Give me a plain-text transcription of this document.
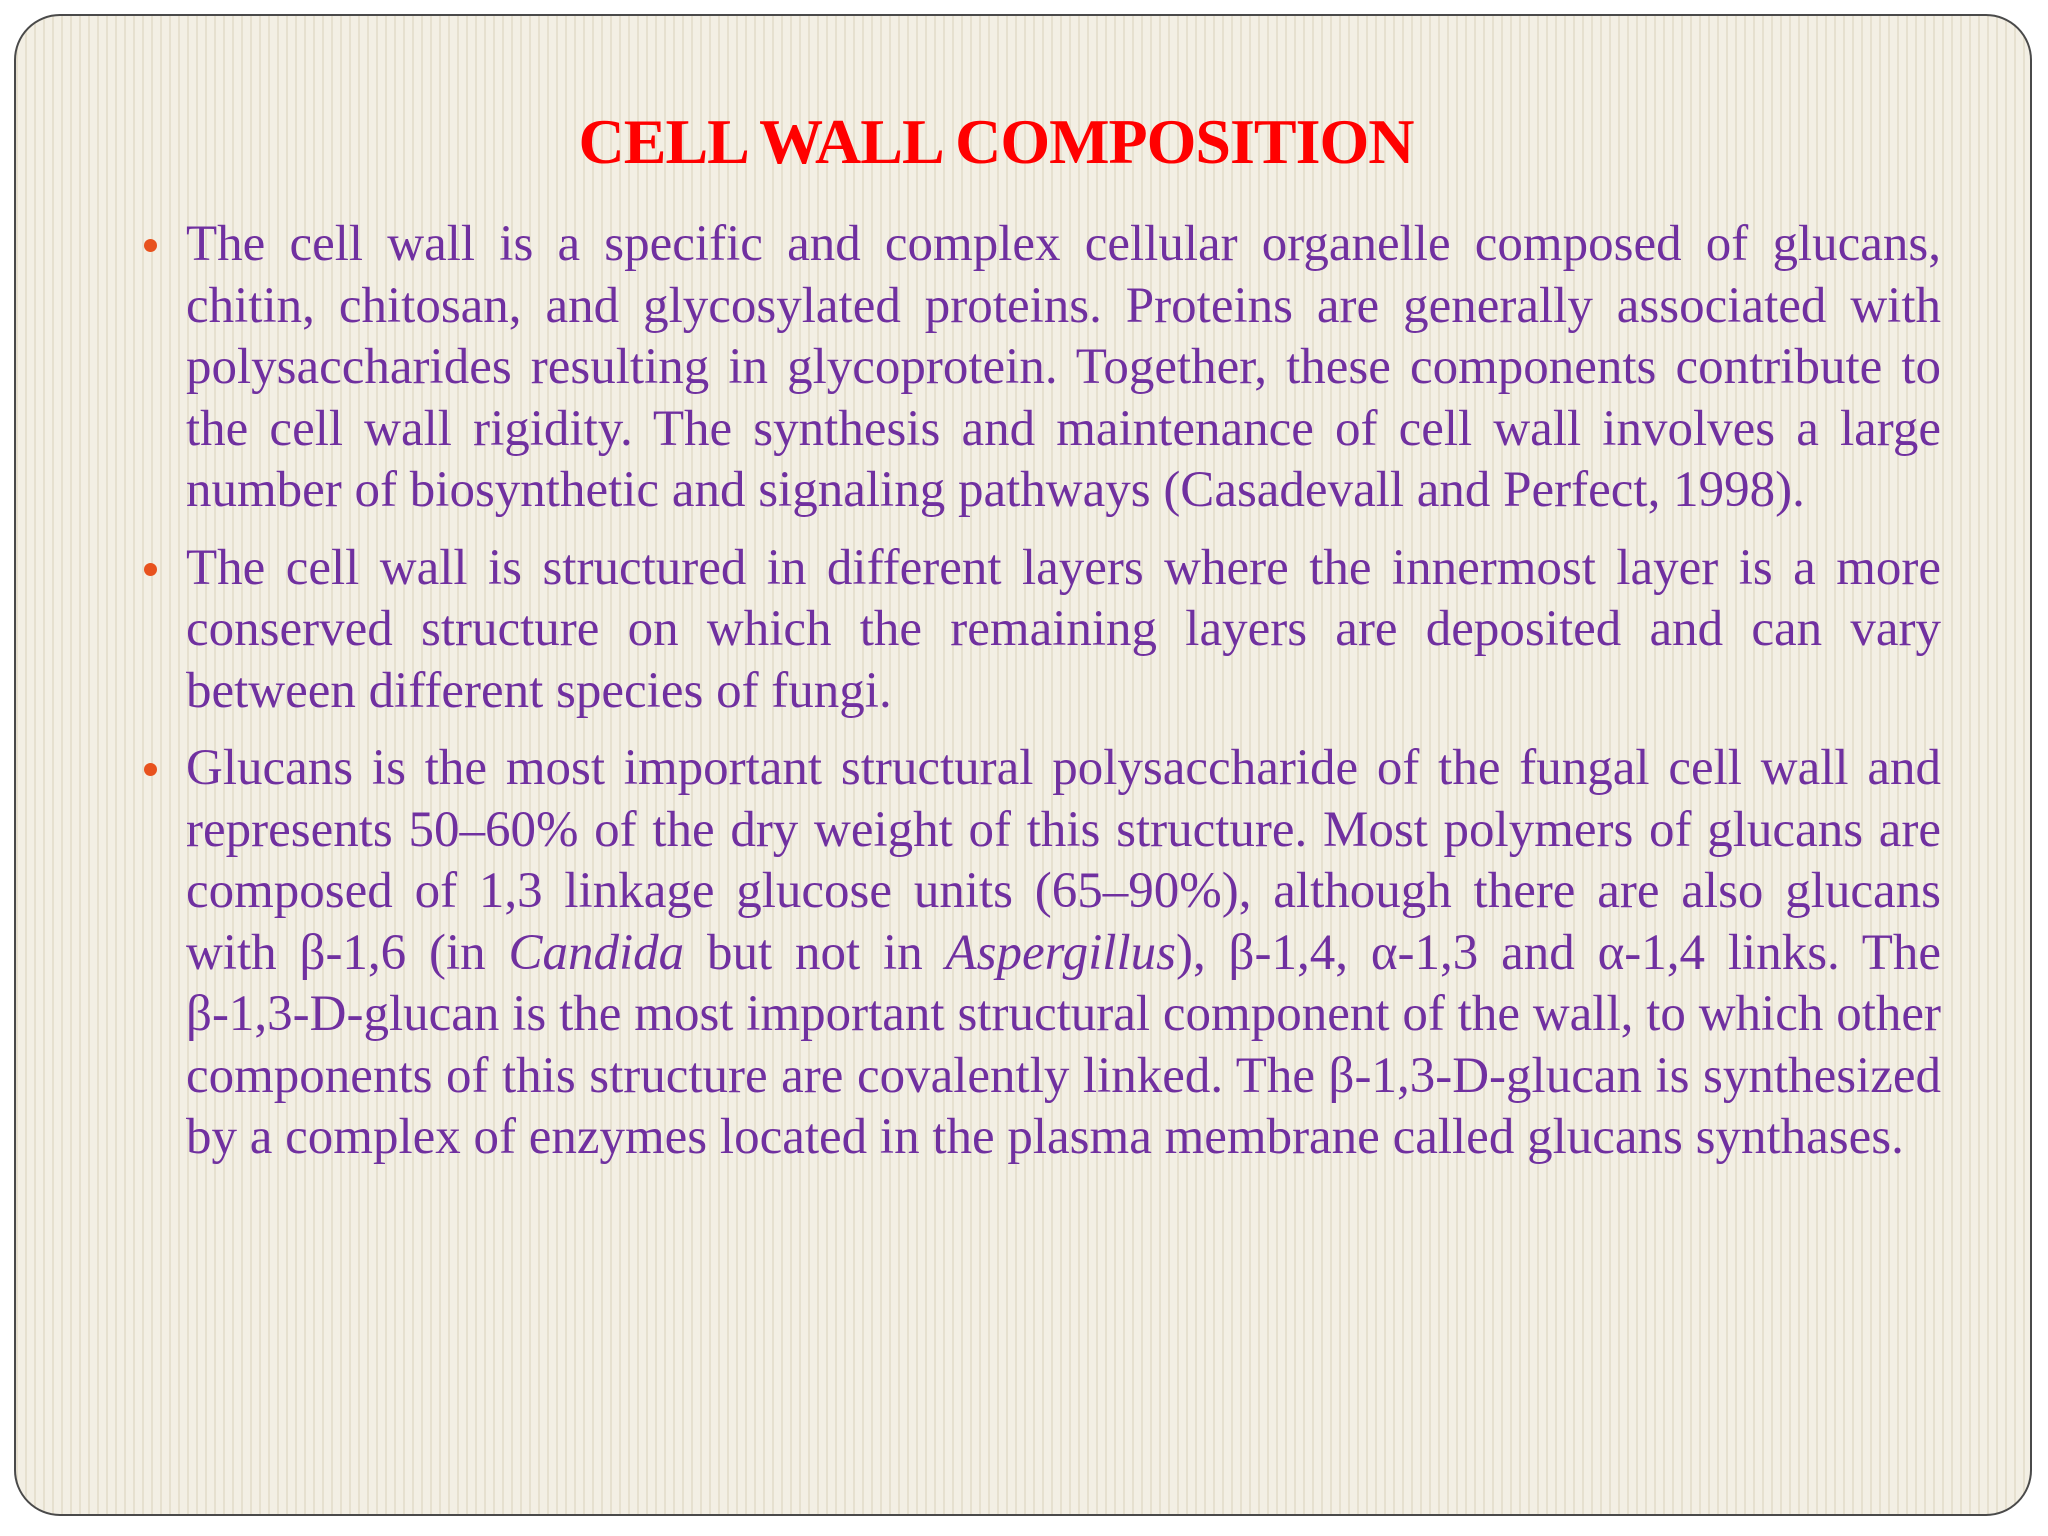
CELL WALL COMPOSITION
The cell wall is a specific and complex cellular organelle composed of glucans, chitin, chitosan, and glycosylated proteins. Proteins are generally associated with polysaccharides resulting in glycoprotein. Together, these components contribute to the cell wall rigidity. The synthesis and maintenance of cell wall involves a large number of biosynthetic and signaling pathways (Casadevall and Perfect, 1998).
The cell wall is structured in different layers where the innermost layer is a more conserved structure on which the remaining layers are deposited and can vary between different species of fungi.
Glucans is the most important structural polysaccharide of the fungal cell wall and represents 50–60% of the dry weight of this structure. Most polymers of glucans are composed of 1,3 linkage glucose units (65–90%), although there are also glucans with β-1,6 (in Candida but not in Aspergillus), β-1,4, α-1,3 and α-1,4 links. The β-1,3-D-glucan is the most important structural component of the wall, to which other components of this structure are covalently linked. The β-1,3-D-glucan is synthesized by a complex of enzymes located in the plasma membrane called glucans synthases.
